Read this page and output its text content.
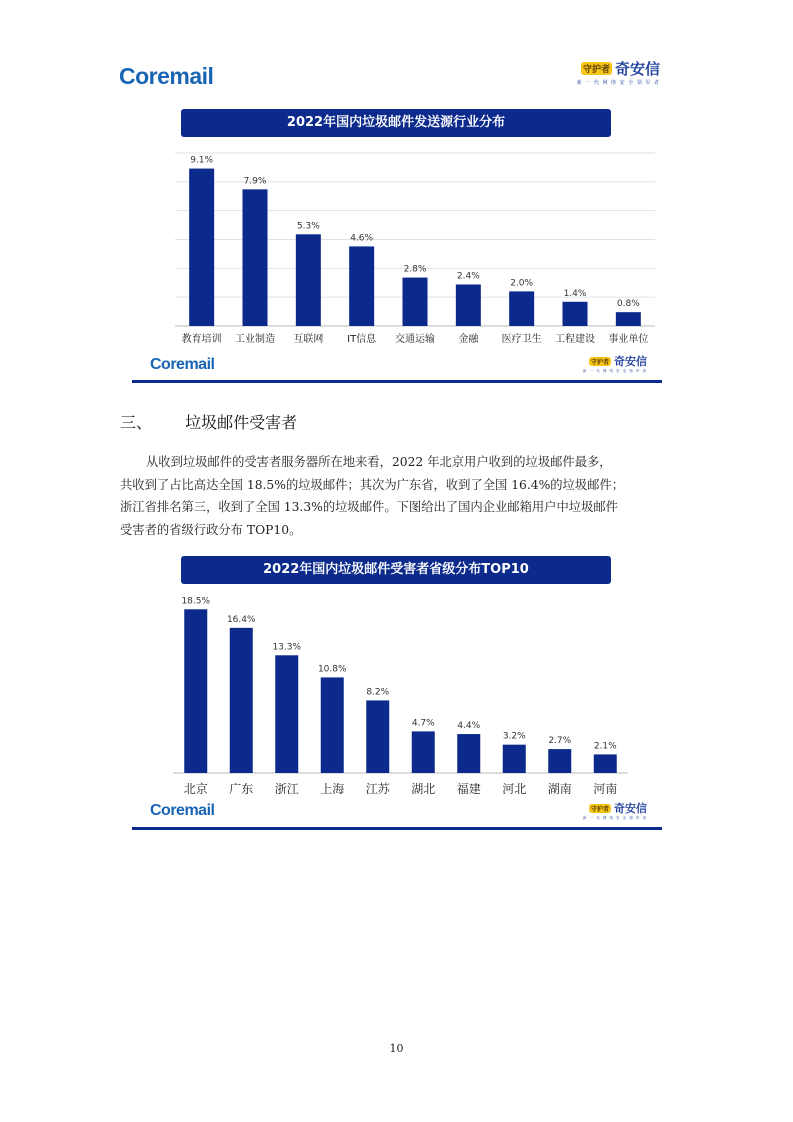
Coremail	守护者 奇安信
新 一 代 网 络 安 全 领 军 者
2022年国内垃圾邮件发送源行业分布
9.1%
教育培训
7.9%
工业制造
5.3%
互联网
4.6%
IT信息
2.8%
交通运输
2.4%
金融
2.0%
医疗卫生
1.4%
工程建设
0.8%
事业单位
Coremail	守护者 奇安信
新 一 代 网 络 安 全 领 军 者
三、 垃圾邮件受害者
从收到垃圾邮件的受害者服务器所在地来看，2022 年北京用户收到的垃圾邮件最多，
共收到了占比高达全国 18.5%的垃圾邮件；其次为广东省，收到了全国 16.4%的垃圾邮件；
浙江省排名第三，收到了全国 13.3%的垃圾邮件。下图给出了国内企业邮箱用户中垃圾邮件
受害者的省级行政分布 TOP10。
2022年国内垃圾邮件受害者省级分布TOP10
18.5%
北京
16.4%
广东
13.3%
浙江
10.8%
上海
8.2%
江苏
4.7%
湖北
4.4%
福建
3.2%
河北
2.7%
湖南
2.1%
河南
Coremail	守护者 奇安信
新 一 代 网 络 安 全 领 军 者
10
